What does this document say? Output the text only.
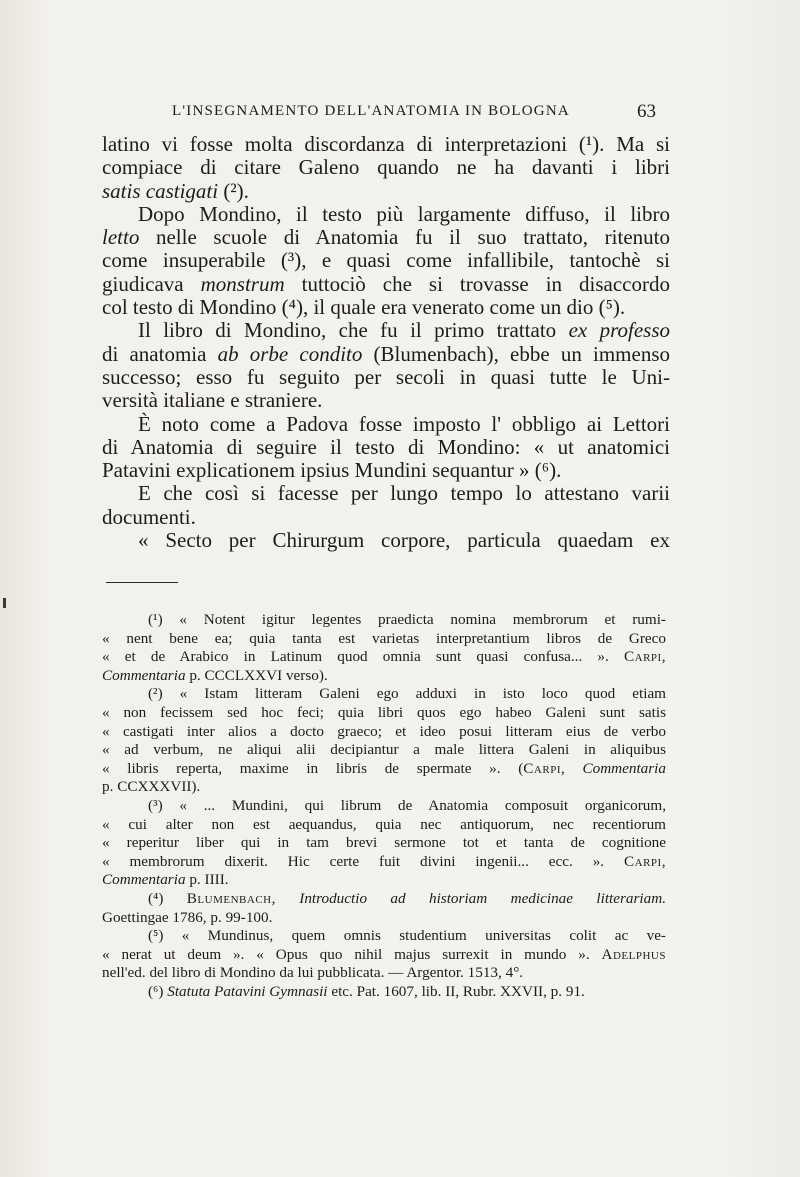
L'INSEGNAMENTO DELL'ANATOMIA IN BOLOGNA	63

latino vi fosse molta discordanza di interpretazioni (¹). Ma si
compiace di citare Galeno quando ne ha davanti i libri
satis castigati (²).

Dopo Mondino, il testo più largamente diffuso, il libro
letto nelle scuole di Anatomia fu il suo trattato, ritenuto
come insuperabile (³), e quasi come infallibile, tantochè si
giudicava monstrum tuttociò che si trovasse in disaccordo
col testo di Mondino (⁴), il quale era venerato come un dio (⁵).

Il libro di Mondino, che fu il primo trattato ex professo
di anatomia ab orbe condito (Blumenbach), ebbe un immenso
successo; esso fu seguito per secoli in quasi tutte le Uni-
versità italiane e straniere.

È noto come a Padova fosse imposto l' obbligo ai Lettori
di Anatomia di seguire il testo di Mondino: « ut anatomici
Patavini explicationem ipsius Mundini sequantur » (⁶).

E che così si facesse per lungo tempo lo attestano varii
documenti.

« Secto per Chirurgum corpore, particula quaedam ex

(¹) « Notent igitur legentes praedicta nomina membrorum et rumi-
« nent bene ea; quia tanta est varietas interpretantium libros de Greco
« et de Arabico in Latinum quod omnia sunt quasi confusa... ». Carpi,
Commentaria p. CCCLXXVI verso).

(²) « Istam litteram Galeni ego adduxi in isto loco quod etiam
« non fecissem sed hoc feci; quia libri quos ego habeo Galeni sunt satis
« castigati inter alios a docto graeco; et ideo posui litteram eius de verbo
« ad verbum, ne aliqui alii decipiantur a male littera Galeni in aliquibus
« libris reperta, maxime in libris de spermate ». (Carpi, Commentaria
p. CCXXXVII).

(³) « ... Mundini, qui librum de Anatomia composuit organicorum,
« cui alter non est aequandus, quia nec antiquorum, nec recentiorum
« reperitur liber qui in tam brevi sermone tot et tanta de cognitione
« membrorum dixerit. Hic certe fuit divini ingenii... ecc. ». Carpi,
Commentaria p. IIII.

(⁴) Blumenbach, Introductio ad historiam medicinae litterariam.
Goettingae 1786, p. 99-100.

(⁵) « Mundinus, quem omnis studentium universitas colit ac ve-
« nerat ut deum ». « Opus quo nihil majus surrexit in mundo ». Adelphus
nell'ed. del libro di Mondino da lui pubblicata. — Argentor. 1513, 4°.

(⁶) Statuta Patavini Gymnasii etc. Pat. 1607, lib. II, Rubr. XXVII, p. 91.
